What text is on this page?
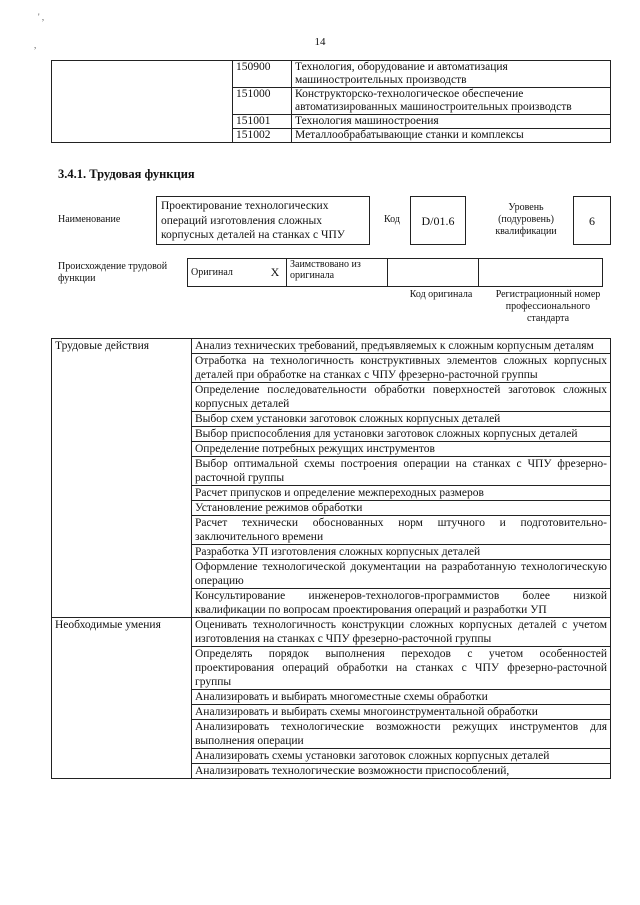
' ,
,	14
	150900	Технология, оборудование и автоматизация машиностроительных производств
	151000	Конструкторско-технологическое обеспечение автоматизированных машиностроительных производств
	151001	Технология машиностроения
	151002	Металлообрабатывающие станки и комплексы
3.4.1. Трудовая функция
Наименование
Проектирование технологических операций изготовления сложных корпусных деталей на станках с ЧПУ
Код	D/01.6
Уровень (подуровень) квалификации
6
Происхождение трудовой функции
Оригинал	X	Заимствовано из оригинала		
Код оригинала	Регистрационный номер профессионального стандарта
Трудовые действия	Анализ технических требований, предъявляемых к сложным корпусным деталям
	Отработка на технологичность конструктивных элементов сложных корпусных деталей при обработке на станках с ЧПУ фрезерно-расточной группы
	Определение последовательности обработки поверхностей заготовок сложных корпусных деталей
	Выбор схем установки заготовок сложных корпусных деталей
	Выбор приспособления для установки заготовок сложных корпусных деталей
	Определение потребных режущих инструментов
	Выбор оптимальной схемы построения операции на станках с ЧПУ фрезерно-расточной группы
	Расчет припусков и определение межпереходных размеров
	Установление режимов обработки
	Расчет технически обоснованных норм штучного и подготовительно-заключительного времени
	Разработка УП изготовления сложных корпусных деталей
	Оформление технологической документации на разработанную технологическую операцию
	Консультирование инженеров-технологов-программистов более низкой квалификации по вопросам проектирования операций и разработки УП
Необходимые умения	Оценивать технологичность конструкции сложных корпусных деталей с учетом изготовления на станках с ЧПУ фрезерно-расточной группы
	Определять порядок выполнения переходов с учетом особенностей проектирования операций обработки на станках с ЧПУ фрезерно-расточной группы
	Анализировать и выбирать многоместные схемы обработки
	Анализировать и выбирать схемы многоинструментальной обработки
	Анализировать технологические возможности режущих инструментов для выполнения операции
	Анализировать схемы установки заготовок сложных корпусных деталей
	Анализировать технологические возможности приспособлений,
